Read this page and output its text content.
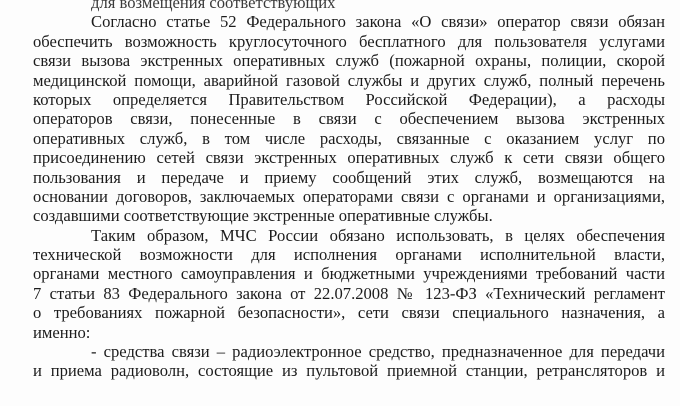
для возмещения соответствующих
Согласно статье 52 Федерального закона «О связи» оператор связи обязан
обеспечить возможность круглосуточного бесплатного для пользователя услугами
связи вызова экстренных оперативных служб (пожарной охраны, полиции, скорой
медицинской помощи, аварийной газовой службы и других служб, полный перечень
которых определяется Правительством Российской Федерации), а расходы
операторов связи, понесенные в связи с обеспечением вызова экстренных
оперативных служб, в том числе расходы, связанные с оказанием услуг по
присоединению сетей связи экстренных оперативных служб к сети связи общего
пользования и передаче и приему сообщений этих служб, возмещаются на
основании договоров, заключаемых операторами связи с органами и организациями,
создавшими соответствующие экстренные оперативные службы.
Таким образом, МЧС России обязано использовать, в целях обеспечения
технической возможности для исполнения органами исполнительной власти,
органами местного самоуправления и бюджетными учреждениями требований части
7 статьи 83 Федерального закона от 22.07.2008 № 123-ФЗ «Технический регламент
о требованиях пожарной безопасности», сети связи специального назначения, а
именно:
- средства связи – радиоэлектронное средство, предназначенное для передачи
и приема радиоволн, состоящие из пультовой приемной станции, ретрансляторов и
